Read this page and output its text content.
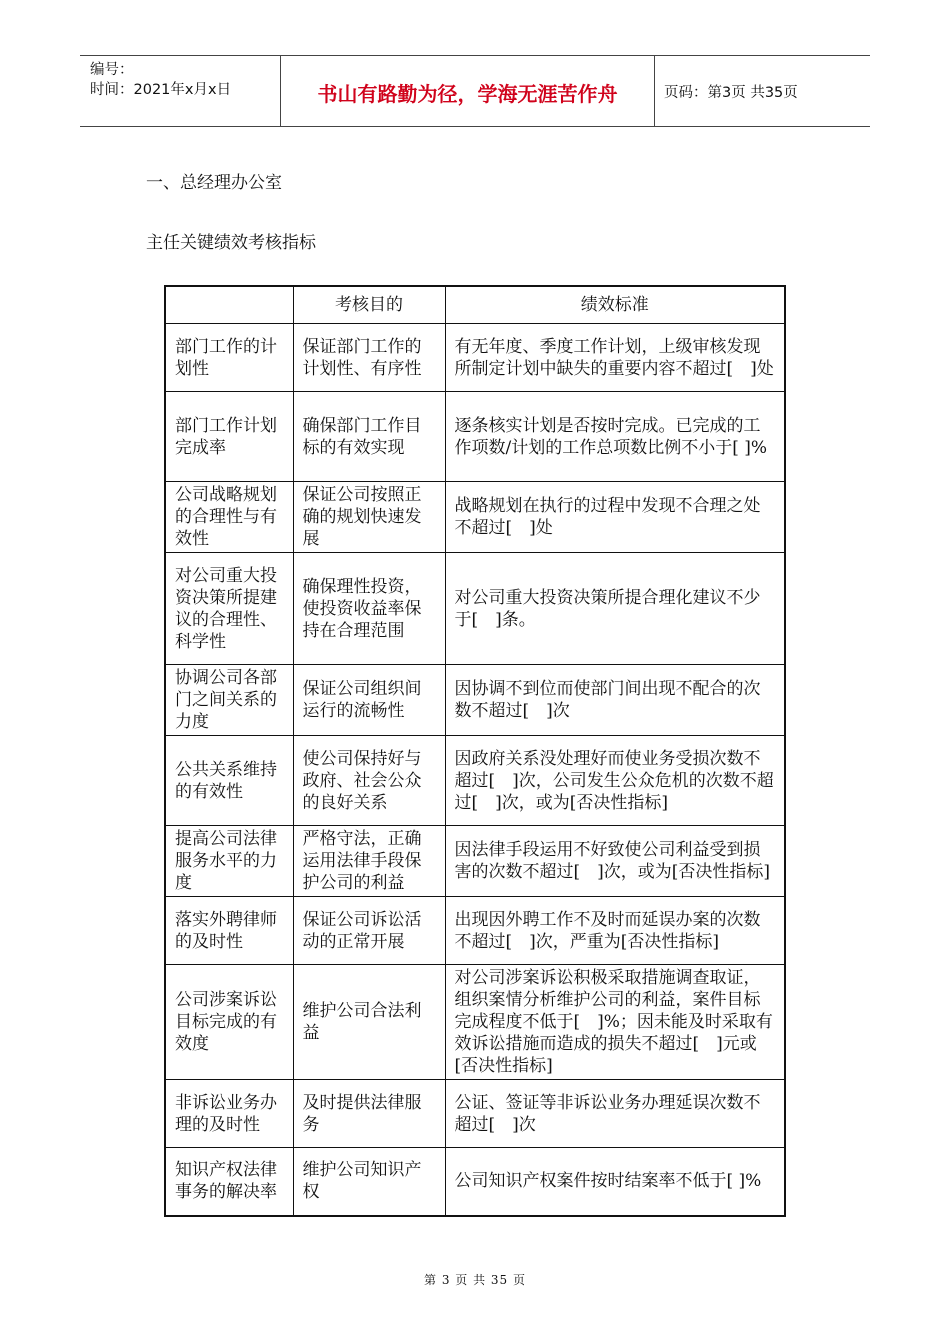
编号：
时间：2021年x月x日	书山有路勤为径，学海无涯苦作舟	页码：第3页 共35页
一、总经理办公室
主任关键绩效考核指标
	考核目的	绩效标准
部门工作的计划性	保证部门工作的计划性、有序性	有无年度、季度工作计划，上级审核发现所制定计划中缺失的重要内容不超过[　]处
部门工作计划完成率	确保部门工作目标的有效实现	逐条核实计划是否按时完成。已完成的工作项数/计划的工作总项数比例不小于[ ]%
公司战略规划的合理性与有效性	保证公司按照正确的规划快速发展	战略规划在执行的过程中发现不合理之处不超过[　]处
对公司重大投资决策所提建议的合理性、科学性	确保理性投资，使投资收益率保持在合理范围	对公司重大投资决策所提合理化建议不少于[　]条。
协调公司各部门之间关系的力度	保证公司组织间运行的流畅性	因协调不到位而使部门间出现不配合的次数不超过[　]次
公共关系维持的有效性	使公司保持好与政府、社会公众的良好关系	因政府关系没处理好而使业务受损次数不超过[　]次，公司发生公众危机的次数不超过[　]次，或为[否决性指标]
提高公司法律服务水平的力度	严格守法，正确运用法律手段保护公司的利益	因法律手段运用不好致使公司利益受到损害的次数不超过[　]次，或为[否决性指标]
落实外聘律师的及时性	保证公司诉讼活动的正常开展	出现因外聘工作不及时而延误办案的次数不超过[　]次，严重为[否决性指标]
公司涉案诉讼目标完成的有效度	维护公司合法利益	对公司涉案诉讼积极采取措施调查取证，组织案情分析维护公司的利益，案件目标完成程度不低于[　]%；因未能及时采取有效诉讼措施而造成的损失不超过[　]元或[否决性指标]
非诉讼业务办理的及时性	及时提供法律服务	公证、签证等非诉讼业务办理延误次数不超过[　]次
知识产权法律事务的解决率	维护公司知识产权	公司知识产权案件按时结案率不低于[ ]%
第 3 页 共 35 页
